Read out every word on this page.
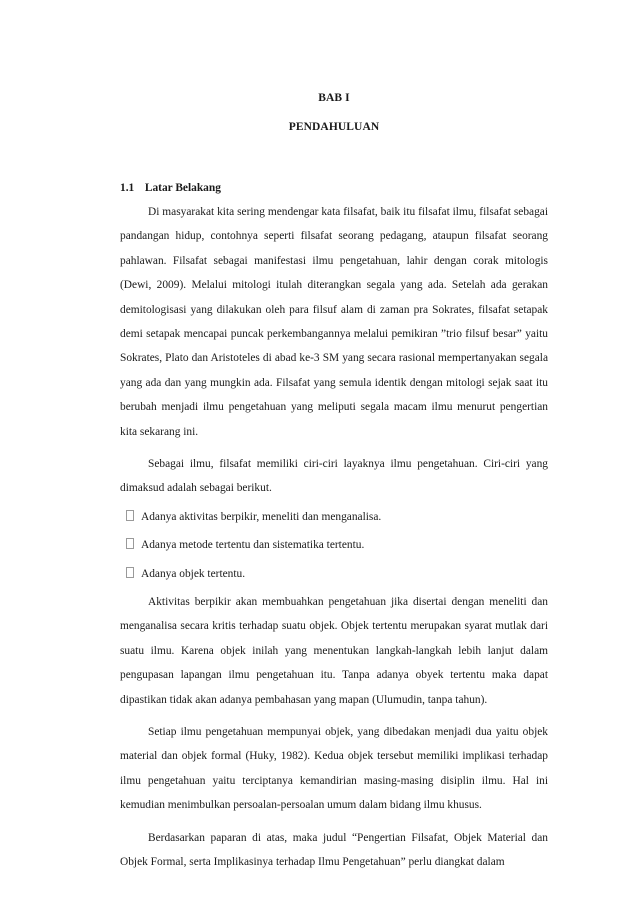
BAB I
PENDAHULUAN
1.1 Latar Belakang

Di masyarakat kita sering mendengar kata filsafat, baik itu filsafat ilmu, filsafat sebagai pandangan hidup, contohnya seperti filsafat seorang pedagang, ataupun filsafat seorang pahlawan. Filsafat sebagai manifestasi ilmu pengetahuan, lahir dengan corak mitologis (Dewi, 2009). Melalui mitologi itulah diterangkan segala yang ada. Setelah ada gerakan demitologisasi yang dilakukan oleh para filsuf alam di zaman pra Sokrates, filsafat setapak demi setapak mencapai puncak perkembangannya melalui pemikiran ”trio filsuf besar” yaitu Sokrates, Plato dan Aristoteles di abad ke-3 SM yang secara rasional mempertanyakan segala yang ada dan yang mungkin ada. Filsafat yang semula identik dengan mitologi sejak saat itu berubah menjadi ilmu pengetahuan yang meliputi segala macam ilmu menurut pengertian kita sekarang ini.

Sebagai ilmu, filsafat memiliki ciri-ciri layaknya ilmu pengetahuan. Ciri-ciri yang dimaksud adalah sebagai berikut.

Adanya aktivitas berpikir, meneliti dan menganalisa.
Adanya metode tertentu dan sistematika tertentu.
Adanya objek tertentu.

Aktivitas berpikir akan membuahkan pengetahuan jika disertai dengan meneliti dan menganalisa secara kritis terhadap suatu objek. Objek tertentu merupakan syarat mutlak dari suatu ilmu. Karena objek inilah yang menentukan langkah-langkah lebih lanjut dalam pengupasan lapangan ilmu pengetahuan itu. Tanpa adanya obyek tertentu maka dapat dipastikan tidak akan adanya pembahasan yang mapan (Ulumudin, tanpa tahun).

Setiap ilmu pengetahuan mempunyai objek, yang dibedakan menjadi dua yaitu objek material dan objek formal (Huky, 1982). Kedua objek tersebut memiliki implikasi terhadap ilmu pengetahuan yaitu terciptanya kemandirian masing-masing disiplin ilmu. Hal ini kemudian menimbulkan persoalan-persoalan umum dalam bidang ilmu khusus.

Berdasarkan paparan di atas, maka judul “Pengertian Filsafat, Objek Material dan Objek Formal, serta Implikasinya terhadap Ilmu Pengetahuan” perlu diangkat dalam
